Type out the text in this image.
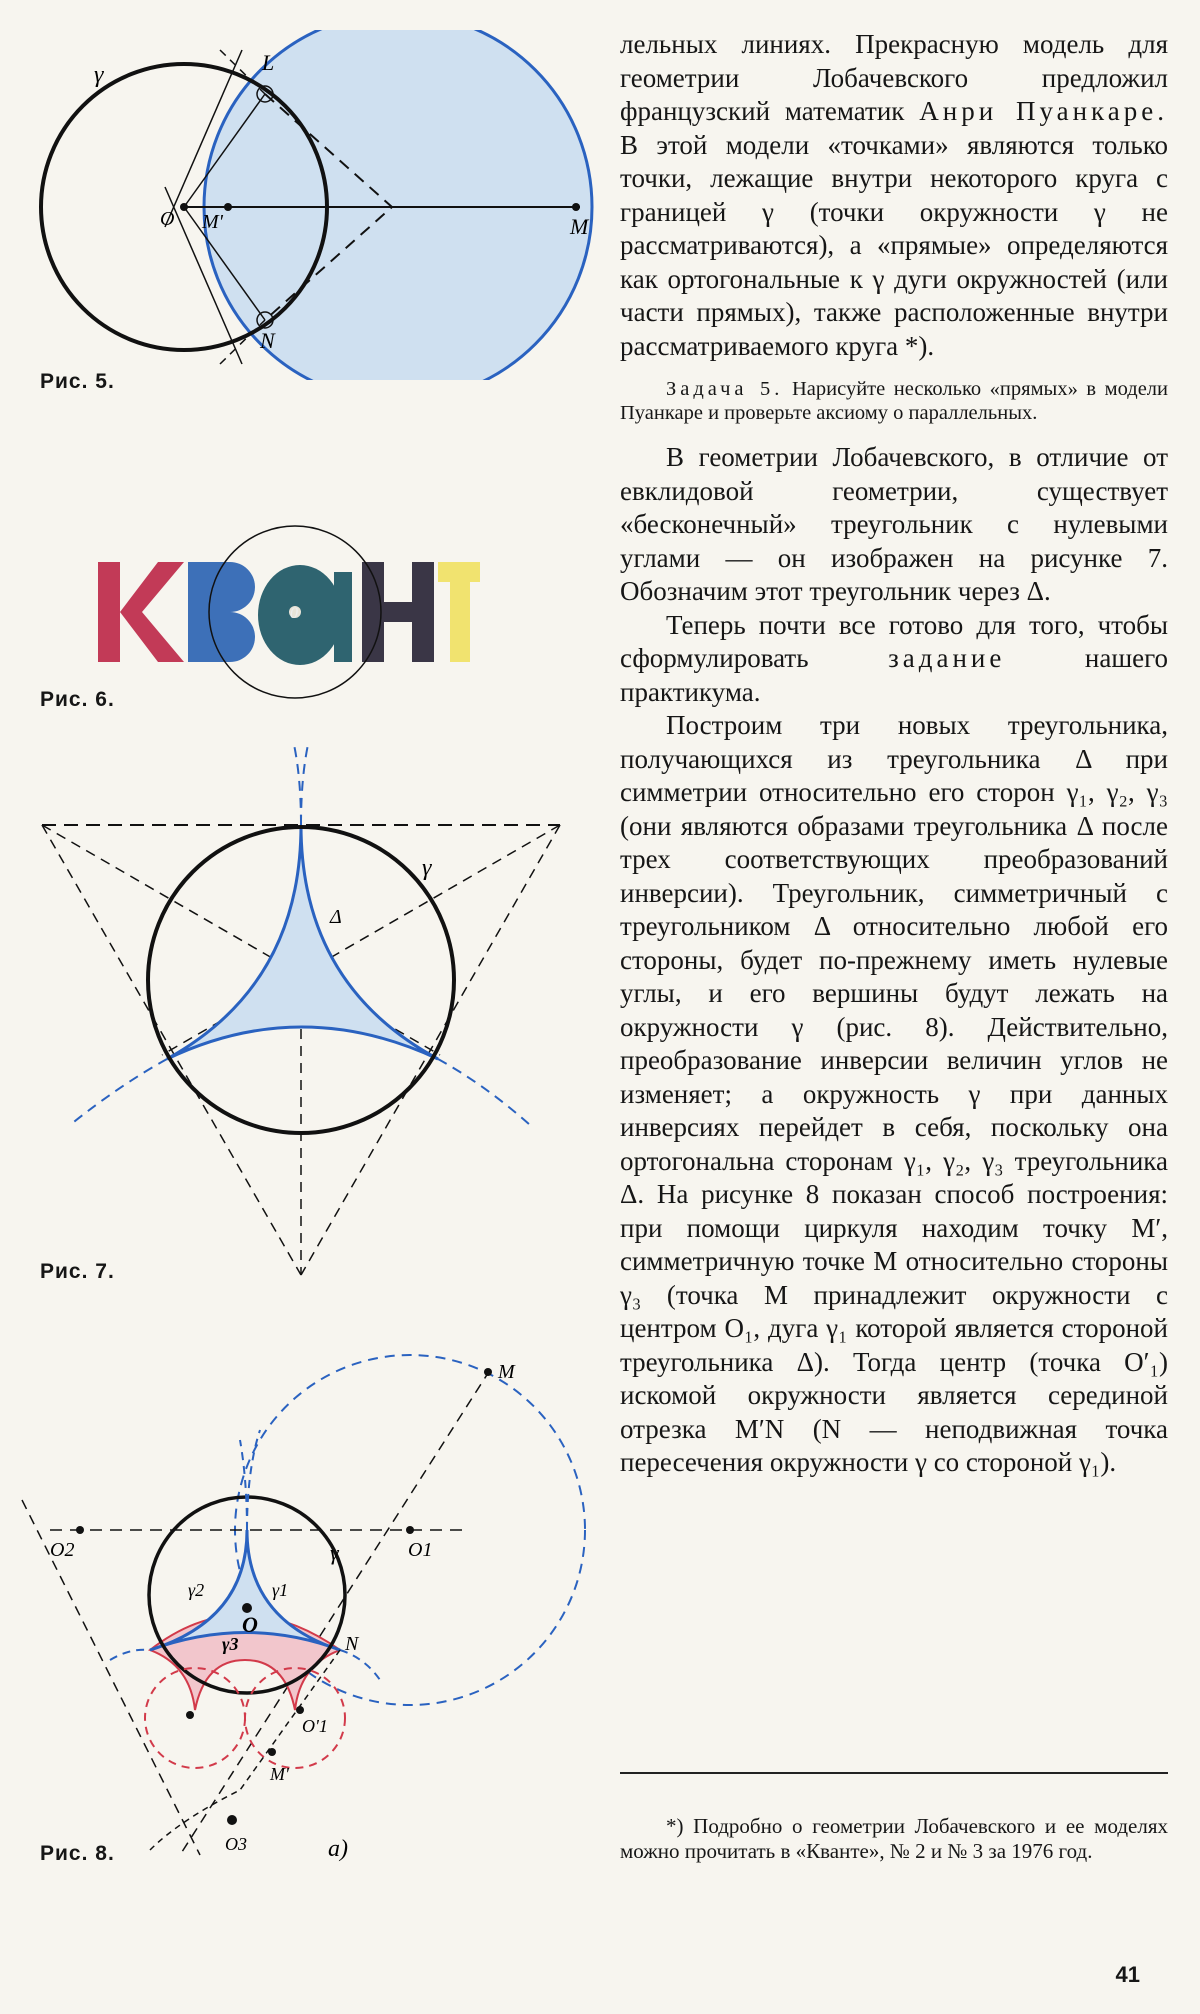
γ	L
O M'	M
N
Рис. 5.
0
Рис. 6.
γ
Δ
Рис. 7.
M
O2	O1
γ
γ1
γ2
γ3
O
N
O'1
M'
O3	а)
Рис. 8.

лельных линиях. Прекрасную модель для геометрии Лобачевского предложил французский математик Анри Пуанкаре. В этой модели «точками» являются только точки, лежащие внутри некоторого круга с границей γ (точки окружности γ не рассматриваются), а «прямые» определяются как ортогональные к γ дуги окружностей (или части прямых), также расположенные внутри рассматриваемого круга *).

Задача 5. Нарисуйте несколько «прямых» в модели Пуанкаре и проверьте аксиому о параллельных.

В геометрии Лобачевского, в отличие от евклидовой геометрии, существует «бесконечный» треугольник с нулевыми углами — он изображен на рисунке 7. Обозначим этот треугольник через Δ.

Теперь почти все готово для того, чтобы сформулировать задание нашего практикума.

Построим три новых треугольника, получающихся из треугольника Δ при симметрии относительно его сторон γ₁, γ₂, γ₃ (они являются образами треугольника Δ после трех соответствующих преобразований инверсии). Треугольник, симметричный с треугольником Δ относительно любой его стороны, будет по-прежнему иметь нулевые углы, и его вершины будут лежать на окружности γ (рис. 8). Действительно, преобразование инверсии величин углов не изменяет; а окружность γ при данных инверсиях перейдет в себя, поскольку она ортогональна сторонам γ₁, γ₂, γ₃ треугольника Δ. На рисунке 8 показан способ построения: при помощи циркуля находим точку M′, симметричную точке M относительно стороны γ₃ (точка M принадлежит окружности с центром O₁, дуга γ₁ которой является стороной треугольника Δ). Тогда центр (точка O′₁) искомой окружности является серединой отрезка M′N (N — неподвижная точка пересечения окружности γ со стороной γ₁).

*) Подробно о геометрии Лобачевского и ее моделях можно прочитать в «Кванте», № 2 и № 3 за 1976 год.
41
